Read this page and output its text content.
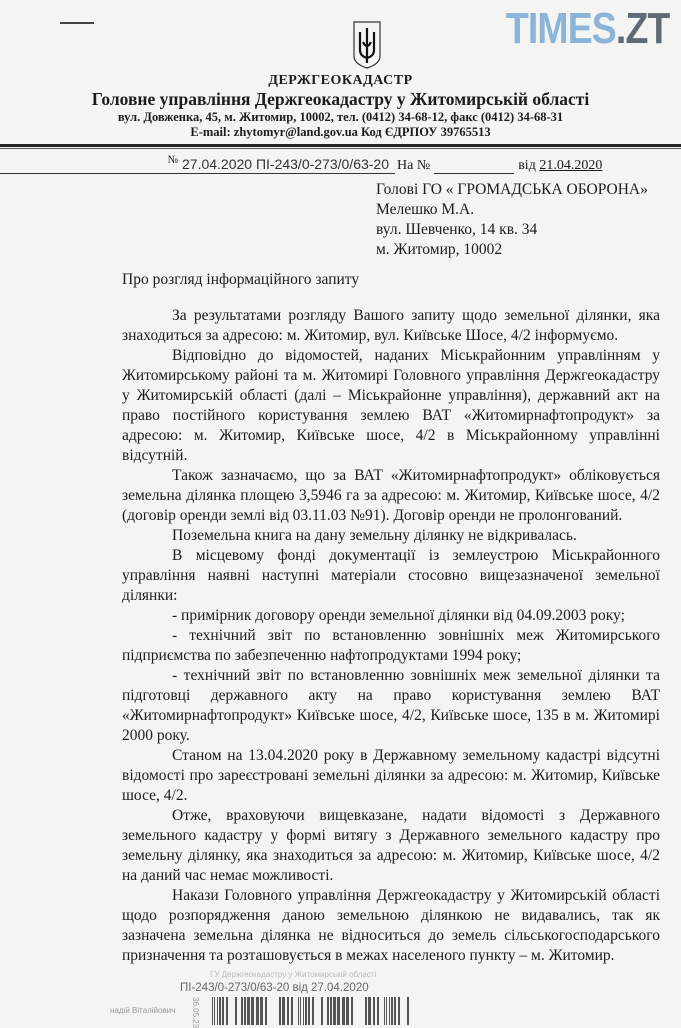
TIMES.ZT
ДЕРЖГЕОКАДАСТР
Головне управління Держгеокадастру у Житомирській області
вул. Довженка, 45, м. Житомир, 10002, тел. (0412) 34-68-12, факс (0412) 34-68-31
E-mail: zhytomyr@land.gov.ua Код ЄДРПОУ 39765513
№ 27.04.2020 ПІ-243/0-273/0/63-20 На №	від 21.04.2020
Голові ГО « ГРОМАДСЬКА ОБОРОНА»
Мелешко М.А.
вул. Шевченко, 14 кв. 34
м. Житомир, 10002
Про розгляд інформаційного запиту

За результатами розгляду Вашого запиту щодо земельної ділянки, яка знаходиться за адресою: м. Житомир, вул. Київське Шосе, 4/2 інформуємо.

Відповідно до відомостей, наданих Міськрайонним управлінням у Житомирському районі та м. Житомирі Головного управління Держгеокадастру у Житомирській області (далі – Міськрайонне управління), державний акт на право постійного користування землею ВАТ «Житомирнафтопродукт» за адресою: м. Житомир, Київське шосе, 4/2 в Міськрайонному управлінні відсутній.

Також зазначаємо, що за ВАТ «Житомирнафтопродукт» обліковується земельна ділянка площею 3,5946 га за адресою: м. Житомир, Київське шосе, 4/2 (договір оренди землі від 03.11.03 №91). Договір оренди не пролонгований.

Поземельна книга на дану земельну ділянку не відкривалась.

В місцевому фонді документації із землеустрою Міськрайонного управління наявні наступні матеріали стосовно вищезазначеної земельної ділянки:

- примірник договору оренди земельної ділянки від 04.09.2003 року;

- технічний звіт по встановленню зовнішніх меж Житомирського підприємства по забезпеченню нафтопродуктами 1994 року;

- технічний звіт по встановленню зовнішніх меж земельної ділянки та підготовці державного акту на право користування землею ВАТ «Житомирнафтопродукт» Київське шосе, 4/2, Київське шосе, 135 в м. Житомирі 2000 року.

Станом на 13.04.2020 року в Державному земельному кадастрі відсутні відомості про зареєстровані земельні ділянки за адресою: м. Житомир, Київське шосе, 4/2.

Отже, враховуючи вищевказане, надати відомості з Державного земельного кадастру у формі витягу з Державного земельного кадастру про земельну ділянку, яка знаходиться за адресою: м. Житомир, Київське шосе, 4/2 на даний час немає можливості.

Накази Головного управління Держгеокадастру у Житомирській області щодо розпорядження даною земельною ділянкою не видавались, так як зазначена земельна ділянка не відноситься до земель сільськогосподарського призначення та розташовується в межах населеного пункту – м. Житомир.

ГУ Держгеокадастру у Житомирській області
ПІ-243/0-273/0/63-20 від 27.04.2020
надій Віталійович 36.05.23
